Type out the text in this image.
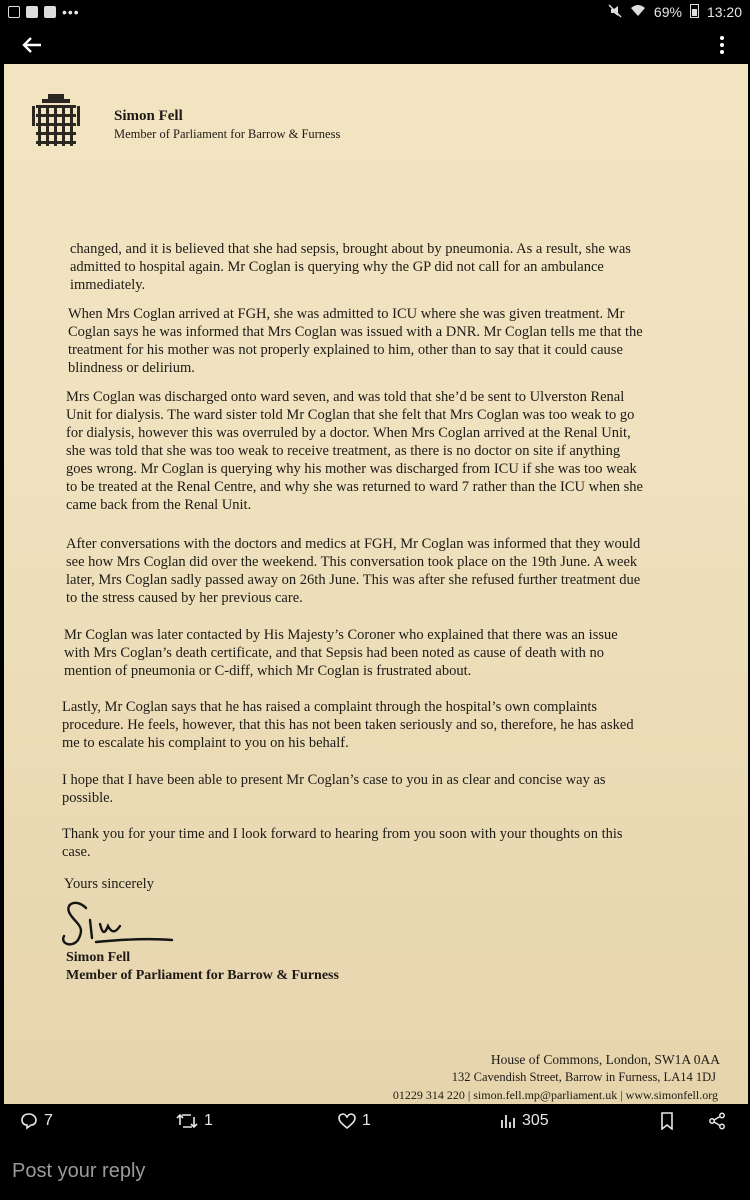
•••	69% 13:20
Simon Fell
Member of Parliament for Barrow & Furness
changed, and it is believed that she had sepsis, brought about by pneumonia. As a result, she was
admitted to hospital again. Mr Coglan is querying why the GP did not call for an ambulance
immediately.
When Mrs Coglan arrived at FGH, she was admitted to ICU where she was given treatment. Mr
Coglan says he was informed that Mrs Coglan was issued with a DNR. Mr Coglan tells me that the
treatment for his mother was not properly explained to him, other than to say that it could cause
blindness or delirium.
Mrs Coglan was discharged onto ward seven, and was told that she’d be sent to Ulverston Renal
Unit for dialysis. The ward sister told Mr Coglan that she felt that Mrs Coglan was too weak to go
for dialysis, however this was overruled by a doctor. When Mrs Coglan arrived at the Renal Unit,
she was told that she was too weak to receive treatment, as there is no doctor on site if anything
goes wrong. Mr Coglan is querying why his mother was discharged from ICU if she was too weak
to be treated at the Renal Centre, and why she was returned to ward 7 rather than the ICU when she
came back from the Renal Unit.
After conversations with the doctors and medics at FGH, Mr Coglan was informed that they would
see how Mrs Coglan did over the weekend. This conversation took place on the 19th June. A week
later, Mrs Coglan sadly passed away on 26th June. This was after she refused further treatment due
to the stress caused by her previous care.
Mr Coglan was later contacted by His Majesty’s Coroner who explained that there was an issue
with Mrs Coglan’s death certificate, and that Sepsis had been noted as cause of death with no
mention of pneumonia or C-diff, which Mr Coglan is frustrated about.
Lastly, Mr Coglan says that he has raised a complaint through the hospital’s own complaints
procedure. He feels, however, that this has not been taken seriously and so, therefore, he has asked
me to escalate his complaint to you on his behalf.
I hope that I have been able to present Mr Coglan’s case to you in as clear and concise way as
possible.
Thank you for your time and I look forward to hearing from you soon with your thoughts on this
case.
Yours sincerely
Simon Fell
Member of Parliament for Barrow & Furness
House of Commons, London, SW1A 0AA
132 Cavendish Street, Barrow in Furness, LA14 1DJ
01229 314 220 | simon.fell.mp@parliament.uk | www.simonfell.org
7	1	1	305
Post your reply
